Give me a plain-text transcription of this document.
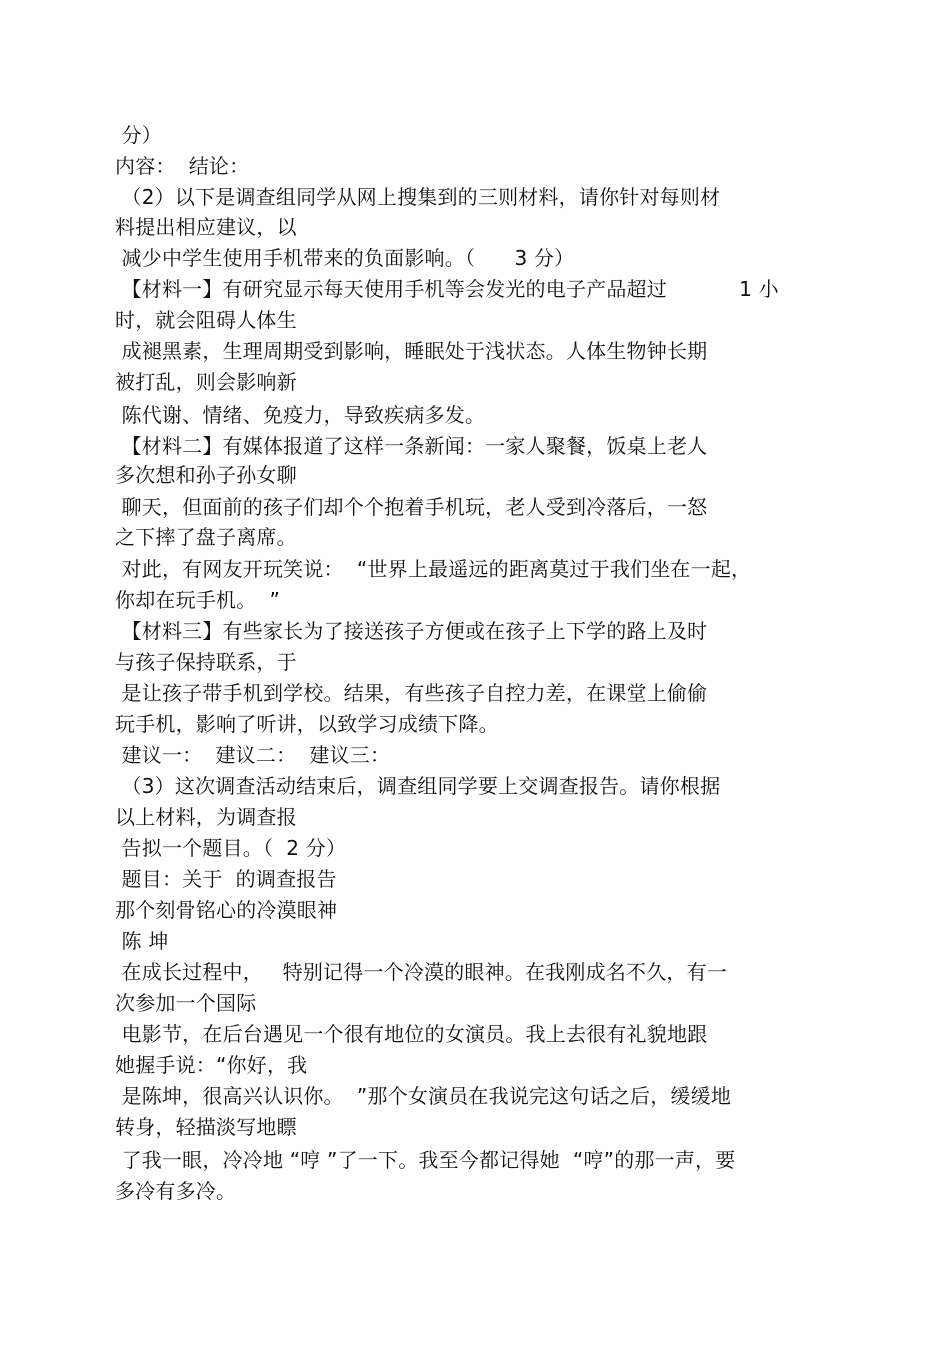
分）
内容：  结论：
（2）以下是调查组同学从网上搜集到的三则材料，请你针对每则材
料提出相应建议，以
减少中学生使用手机带来的负面影响。（      3 分）
【材料一】有研究显示每天使用手机等会发光的电子产品超过           1 小
时，就会阻碍人体生
成褪黑素，生理周期受到影响，睡眠处于浅状态。人体生物钟长期
被打乱，则会影响新
陈代谢、情绪、免疫力，导致疾病多发。
【材料二】有媒体报道了这样一条新闻：一家人聚餐，饭桌上老人
多次想和孙子孙女聊
聊天，但面前的孩子们却个个抱着手机玩，老人受到冷落后，一怒
之下摔了盘子离席。
对此，有网友开玩笑说：  “世界上最遥远的距离莫过于我们坐在一起，
你却在玩手机。  ”
【材料三】有些家长为了接送孩子方便或在孩子上下学的路上及时
与孩子保持联系，于
是让孩子带手机到学校。结果，有些孩子自控力差，在课堂上偷偷
玩手机，影响了听讲，以致学习成绩下降。
建议一：  建议二：  建议三：
（3）这次调查活动结束后，调查组同学要上交调查报告。请你根据
以上材料，为调查报
告拟一个题目。（  2 分）
题目：关于  的调查报告
那个刻骨铭心的冷漠眼神
陈 坤
在成长过程中，   特别记得一个冷漠的眼神。在我刚成名不久，有一
次参加一个国际
电影节，在后台遇见一个很有地位的女演员。我上去很有礼貌地跟
她握手说：“你好，我
是陈坤，很高兴认识你。  ”那个女演员在我说完这句话之后，缓缓地
转身，轻描淡写地瞟
了我一眼，冷冷地 “哼 ”了一下。我至今都记得她  “哼”的那一声，要
多冷有多冷。
